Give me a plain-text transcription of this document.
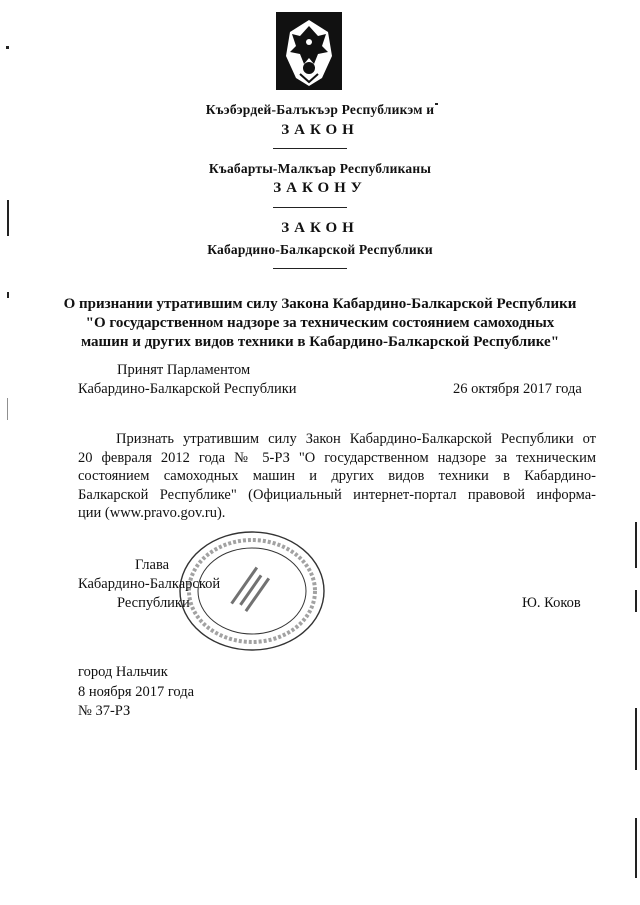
Къэбэрдей-Балъкъэр Республикэм и
ЗАКОН
Къабарты-Малкъар Республиканы
ЗАКОНУ
ЗАКОН
Кабардино-Балкарской Республики
О признании утратившим силу Закона Кабардино-Балкарской Республики
"О государственном надзоре за техническим состоянием самоходных
машин и других видов техники в Кабардино-Балкарской Республике"
Принят Парламентом
Кабардино-Балкарской Республики	26 октября 2017 года
Признать утратившим силу Закон Кабардино-Балкарской Республики от
20 февраля 2012 года № 5-РЗ "О государственном надзоре за техническим
состоянием самоходных машин и других видов техники в Кабардино-
Балкарской Республике" (Официальный интернет-портал правовой информа-
ции (www.pravo.gov.ru).
Глава
Кабардино-Балкарской
Республики	Ю. Коков
город Нальчик
8 ноября 2017 года
№ 37-РЗ
